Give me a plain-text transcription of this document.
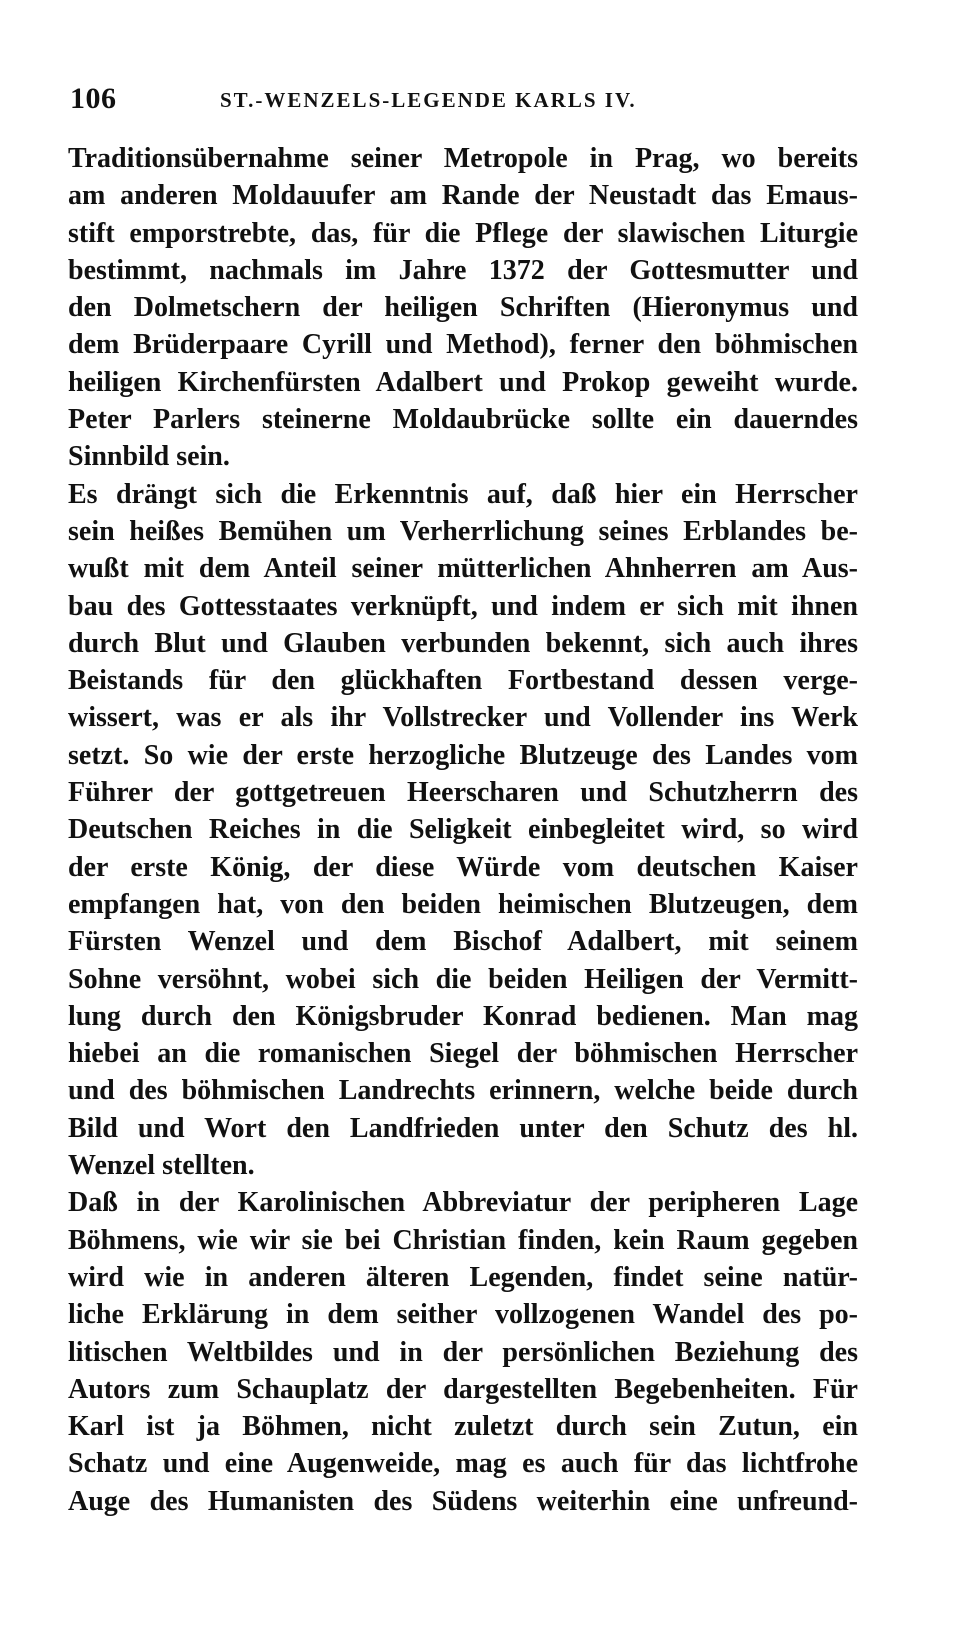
106	ST.-WENZELS-LEGENDE KARLS IV.
Traditionsübernahme seiner Metropole in Prag, wo bereits
am anderen Moldauufer am Rande der Neustadt das Emaus-
stift emporstrebte, das, für die Pflege der slawischen Liturgie
bestimmt, nachmals im Jahre 1372 der Gottesmutter und
den Dolmetschern der heiligen Schriften (Hieronymus und
dem Brüderpaare Cyrill und Method), ferner den böhmischen
heiligen Kirchenfürsten Adalbert und Prokop geweiht wurde.
Peter Parlers steinerne Moldaubrücke sollte ein dauerndes
Sinnbild sein.
Es drängt sich die Erkenntnis auf, daß hier ein Herrscher
sein heißes Bemühen um Verherrlichung seines Erblandes be-
wußt mit dem Anteil seiner mütterlichen Ahnherren am Aus-
bau des Gottesstaates verknüpft, und indem er sich mit ihnen
durch Blut und Glauben verbunden bekennt, sich auch ihres
Beistands für den glückhaften Fortbestand dessen verge-
wissert, was er als ihr Vollstrecker und Vollender ins Werk
setzt. So wie der erste herzogliche Blutzeuge des Landes vom
Führer der gottgetreuen Heerscharen und Schutzherrn des
Deutschen Reiches in die Seligkeit einbegleitet wird, so wird
der erste König, der diese Würde vom deutschen Kaiser
empfangen hat, von den beiden heimischen Blutzeugen, dem
Fürsten Wenzel und dem Bischof Adalbert, mit seinem
Sohne versöhnt, wobei sich die beiden Heiligen der Vermitt-
lung durch den Königsbruder Konrad bedienen. Man mag
hiebei an die romanischen Siegel der böhmischen Herrscher
und des böhmischen Landrechts erinnern, welche beide durch
Bild und Wort den Landfrieden unter den Schutz des hl.
Wenzel stellten.
Daß in der Karolinischen Abbreviatur der peripheren Lage
Böhmens, wie wir sie bei Christian finden, kein Raum gegeben
wird wie in anderen älteren Legenden, findet seine natür-
liche Erklärung in dem seither vollzogenen Wandel des po-
litischen Weltbildes und in der persönlichen Beziehung des
Autors zum Schauplatz der dargestellten Begebenheiten. Für
Karl ist ja Böhmen, nicht zuletzt durch sein Zutun, ein
Schatz und eine Augenweide, mag es auch für das lichtfrohe
Auge des Humanisten des Südens weiterhin eine unfreund-
